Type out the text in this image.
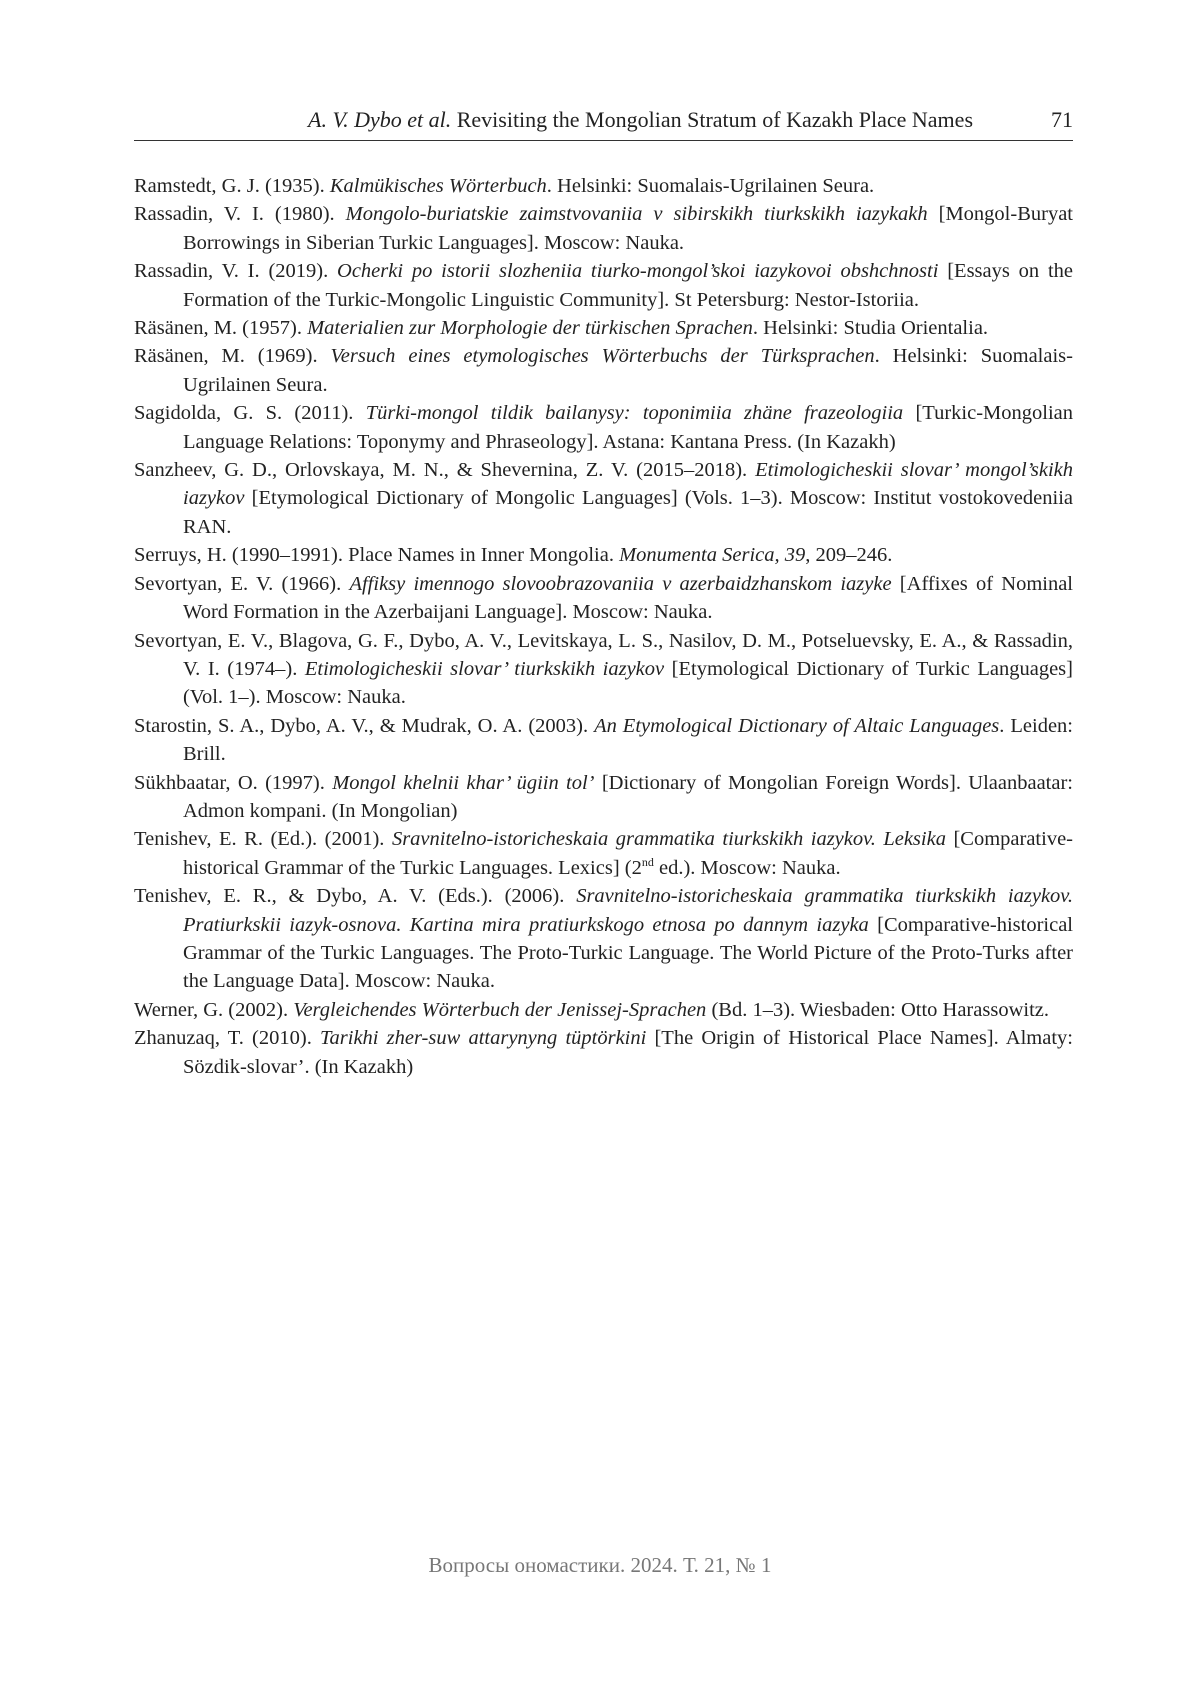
A. V. Dybo et al. Revisiting the Mongolian Stratum of Kazakh Place Names	71
Ramstedt, G. J. (1935). Kalmükisches Wörterbuch. Helsinki: Suomalais-Ugrilainen Seura.
Rassadin, V. I. (1980). Mongolo-buriatskie zaimstvovaniia v sibirskikh tiurkskikh iazykakh [Mongol-Buryat Borrowings in Siberian Turkic Languages]. Moscow: Nauka.
Rassadin, V. I. (2019). Ocherki po istorii slozheniia tiurko-mongol’skoi iazykovoi obshchnosti [Essays on the Formation of the Turkic-Mongolic Linguistic Community]. St Petersburg: Nestor-Istoriia.
Räsänen, M. (1957). Materialien zur Morphologie der türkischen Sprachen. Helsinki: Studia Orientalia.
Räsänen, M. (1969). Versuch eines etymologisches Wörterbuchs der Türksprachen. Helsinki: Suomalais-Ugrilainen Seura.
Sagidolda, G. S. (2011). Türki-mongol tildik bailanysy: toponimiia zhäne frazeologiia [Turkic-Mongolian Language Relations: Toponymy and Phraseology]. Astana: Kantana Press. (In Kazakh)
Sanzheev, G. D., Orlovskaya, M. N., & Shevernina, Z. V. (2015–2018). Etimologicheskii slovar’ mongol’skikh iazykov [Etymological Dictionary of Mongolic Languages] (Vols. 1–3). Moscow: Institut vostokovedeniia RAN.
Serruys, H. (1990–1991). Place Names in Inner Mongolia. Monumenta Serica, 39, 209–246.
Sevortyan, E. V. (1966). Affiksy imennogo slovoobrazovaniia v azerbaidzhanskom iazyke [Affixes of Nominal Word Formation in the Azerbaijani Language]. Moscow: Nauka.
Sevortyan, E. V., Blagova, G. F., Dybo, A. V., Levitskaya, L. S., Nasilov, D. M., Potseluevsky, E. A., & Rassadin, V. I. (1974–). Etimologicheskii slovar’ tiurkskikh iazykov [Etymological Dictionary of Turkic Languages] (Vol. 1–). Moscow: Nauka.
Starostin, S. A., Dybo, A. V., & Mudrak, O. A. (2003). An Etymological Dictionary of Altaic Languages. Leiden: Brill.
Sükhbaatar, O. (1997). Mongol khelnii khar’ ügiin tol’ [Dictionary of Mongolian Foreign Words]. Ulaanbaatar: Admon kompani. (In Mongolian)
Tenishev, E. R. (Ed.). (2001). Sravnitelno-istoricheskaia grammatika tiurkskikh iazykov. Leksika [Comparative-historical Grammar of the Turkic Languages. Lexics] (2nd ed.). Moscow: Nauka.
Tenishev, E. R., & Dybo, A. V. (Eds.). (2006). Sravnitelno-istoricheskaia grammatika tiurkskikh iazykov. Pratiurkskii iazyk-osnova. Kartina mira pratiurkskogo etnosa po dannym iazyka [Comparative-historical Grammar of the Turkic Languages. The Proto-Turkic Language. The World Picture of the Proto-Turks after the Language Data]. Moscow: Nauka.
Werner, G. (2002). Vergleichendes Wörterbuch der Jenissej-Sprachen (Bd. 1–3). Wiesbaden: Otto Harassowitz.
Zhanuzaq, T. (2010). Tarikhi zher-suw attarynyng tüptörkini [The Origin of Historical Place Names]. Almaty: Sözdik-slovar’. (In Kazakh)
Вопросы ономастики. 2024. Т. 21, № 1
